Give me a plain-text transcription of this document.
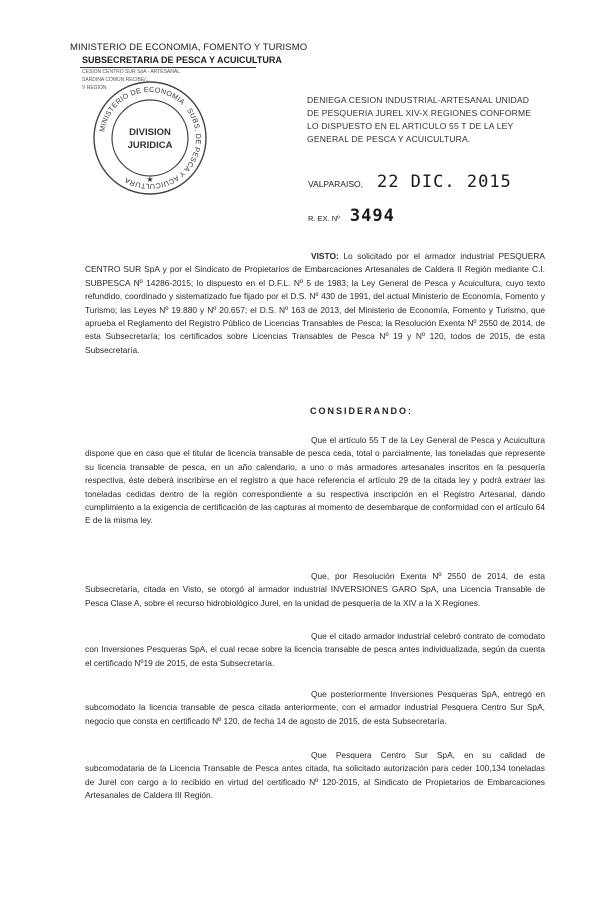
MINISTERIO DE ECONOMIA, FOMENTO Y TURISMO
SUBSECRETARIA DE PESCA Y ACUICULTURA
CESION CENTRO SUR SpA - ARTESANAL
SARDINA COMUN RECIBE/...
V REGION
MINISTERIO DE ECONOMIA · SUBS. DE PESCA Y ACUICULTURA
DIVISION
JURIDICA
★
DENIEGA CESION INDUSTRIAL-ARTESANAL UNIDAD DE PESQUERIA JUREL XIV-X REGIONES CONFORME LO DISPUESTO EN EL ARTICULO 55 T DE LA LEY GENERAL DE PESCA Y ACUICULTURA.
VALPARAISO, 22 DIC. 2015
R. EX. Nº 3494
VISTO: Lo solicitado por el armador industrial PESQUERA CENTRO SUR SpA y por el Sindicato de Propietarios de Embarcaciones Artesanales de Caldera II Región mediante C.I. SUBPESCA Nº 14286-2015; lo dispuesto en el D.F.L. Nº 5 de 1983; la Ley General de Pesca y Acuicultura, cuyo texto refundido, coordinado y sistematizado fue fijado por el D.S. Nº 430 de 1991, del actual Ministerio de Economía, Fomento y Turismo; las Leyes Nº 19.880 y Nº 20.657; el D.S. Nº 163 de 2013, del Ministerio de Economía, Fomento y Turismo, que aprueba el Reglamento del Registro Público de Licencias Transables de Pesca; la Resolución Exenta Nº 2550 de 2014, de esta Subsecretaría; los certificados sobre Licencias Transables de Pesca Nº 19 y Nº 120, todos de 2015, de esta Subsecretaría.
CONSIDERANDO:
Que el artículo 55 T de la Ley General de Pesca y Acuicultura dispone que en caso que el titular de licencia transable de pesca ceda, total o parcialmente, las toneladas que represente su licencia transable de pesca, en un año calendario, a uno o más armadores artesanales inscritos en la pesquería respectiva, éste deberá inscribirse en el registro a que hace referencia el artículo 29 de la citada ley y podrá extraer las toneladas cedidas dentro de la región correspondiente a su respectiva inscripción en el Registro Artesanal, dando cumplimiento a la exigencia de certificación de las capturas al momento de desembarque de conformidad con el artículo 64 E de la misma ley.
Que, por Resolución Exenta Nº 2550 de 2014, de esta Subsecretaría, citada en Visto, se otorgó al armador industrial INVERSIONES GARO SpA, una Licencia Transable de Pesca Clase A, sobre el recurso hidrobiológico Jurel, en la unidad de pesquería de la XIV a la X Regiones.
Que el citado armador industrial celebró contrato de comodato con Inversiones Pesqueras SpA, el cual recae sobre la licencia transable de pesca antes individualizada, según da cuenta el certificado Nº19 de 2015, de esta Subsecretaría.
Que posteriormente Inversiones Pesqueras SpA, entregó en subcomodato la licencia transable de pesca citada anteriormente, con el armador industrial Pesquera Centro Sur SpA, negocio que consta en certificado Nº 120, de fecha 14 de agosto de 2015, de esta Subsecretaría.
Que Pesquera Centro Sur SpA, en su calidad de subcomodataria de la Licencia Transable de Pesca antes citada, ha solicitado autorización para ceder 100,134 toneladas de Jurel con cargo a lo recibido en virtud del certificado Nº 120-2015, al Sindicato de Propietarios de Embarcaciones Artesanales de Caldera III Región.
